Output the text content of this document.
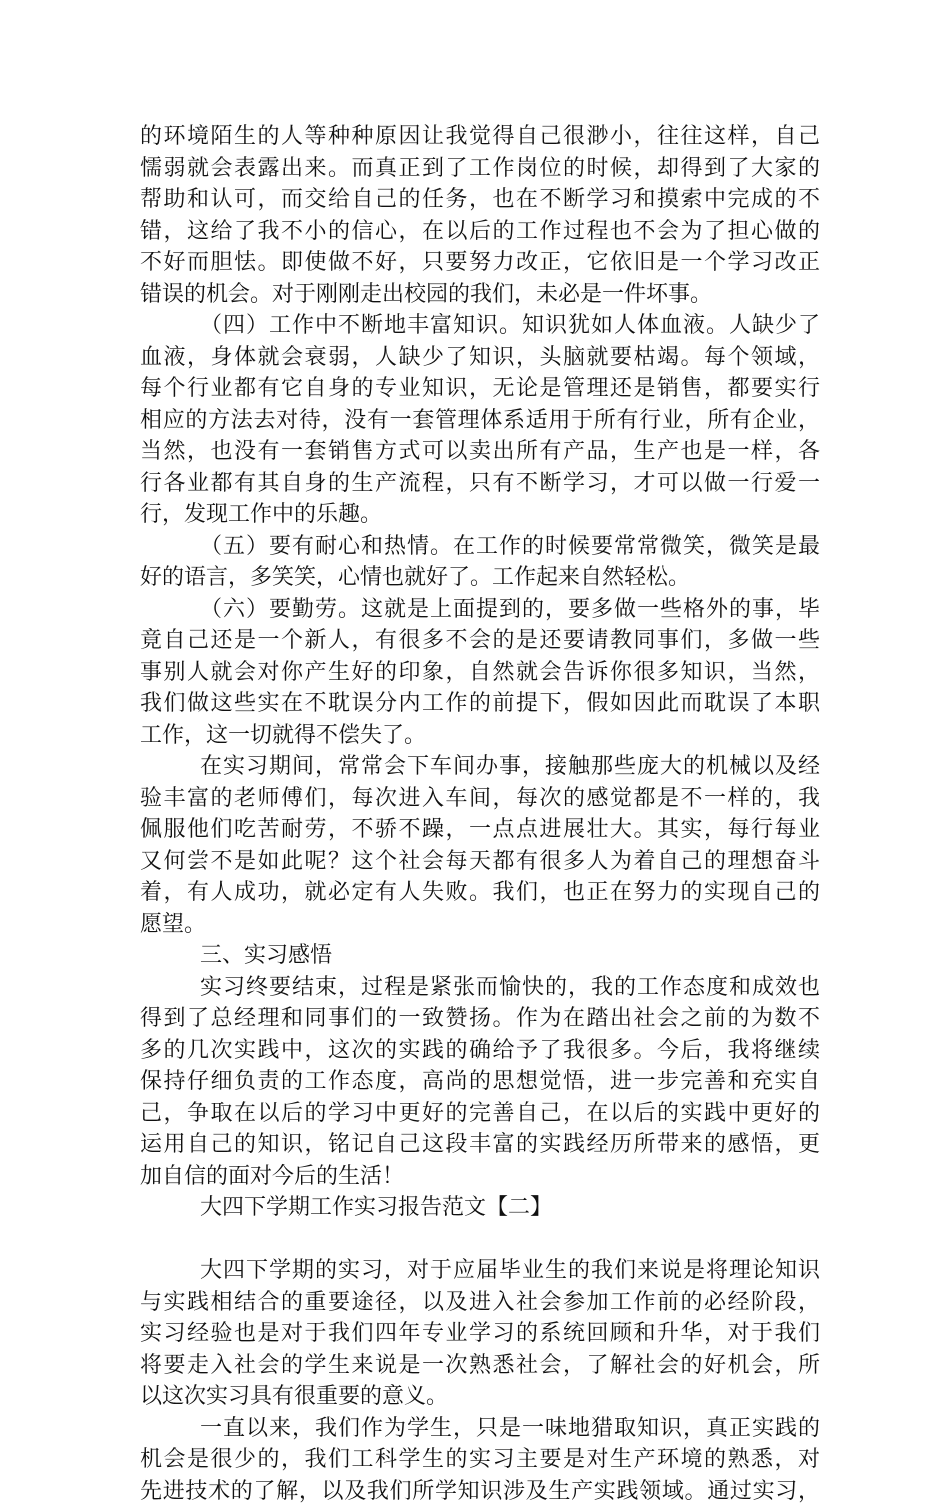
的环境陌生的人等种种原因让我觉得自己很渺小，往往这样，自己
懦弱就会表露出来。而真正到了工作岗位的时候，却得到了大家的
帮助和认可，而交给自己的任务，也在不断学习和摸索中完成的不
错，这给了我不小的信心，在以后的工作过程也不会为了担心做的
不好而胆怯。即使做不好，只要努力改正，它依旧是一个学习改正
错误的机会。对于刚刚走出校园的我们，未必是一件坏事。
（四）工作中不断地丰富知识。知识犹如人体血液。人缺少了
血液，身体就会衰弱，人缺少了知识，头脑就要枯竭。每个领域，
每个行业都有它自身的专业知识，无论是管理还是销售，都要实行
相应的方法去对待，没有一套管理体系适用于所有行业，所有企业，
当然，也没有一套销售方式可以卖出所有产品，生产也是一样，各
行各业都有其自身的生产流程，只有不断学习，才可以做一行爱一
行，发现工作中的乐趣。
（五）要有耐心和热情。在工作的时候要常常微笑，微笑是最
好的语言，多笑笑，心情也就好了。工作起来自然轻松。
（六）要勤劳。这就是上面提到的，要多做一些格外的事，毕
竟自己还是一个新人，有很多不会的是还要请教同事们，多做一些
事别人就会对你产生好的印象，自然就会告诉你很多知识，当然，
我们做这些实在不耽误分内工作的前提下，假如因此而耽误了本职
工作，这一切就得不偿失了。
在实习期间，常常会下车间办事，接触那些庞大的机械以及经
验丰富的老师傅们，每次进入车间，每次的感觉都是不一样的，我
佩服他们吃苦耐劳，不骄不躁，一点点进展壮大。其实，每行每业
又何尝不是如此呢？这个社会每天都有很多人为着自己的理想奋斗
着，有人成功，就必定有人失败。我们，也正在努力的实现自己的
愿望。
三、实习感悟
实习终要结束，过程是紧张而愉快的，我的工作态度和成效也
得到了总经理和同事们的一致赞扬。作为在踏出社会之前的为数不
多的几次实践中，这次的实践的确给予了我很多。今后，我将继续
保持仔细负责的工作态度，高尚的思想觉悟，进一步完善和充实自
己，争取在以后的学习中更好的完善自己，在以后的实践中更好的
运用自己的知识，铭记自己这段丰富的实践经历所带来的感悟，更
加自信的面对今后的生活！
大四下学期工作实习报告范文【二】
大四下学期的实习，对于应届毕业生的我们来说是将理论知识
与实践相结合的重要途径，以及进入社会参加工作前的必经阶段，
实习经验也是对于我们四年专业学习的系统回顾和升华，对于我们
将要走入社会的学生来说是一次熟悉社会，了解社会的好机会，所
以这次实习具有很重要的意义。
一直以来，我们作为学生，只是一味地猎取知识，真正实践的
机会是很少的，我们工科学生的实习主要是对生产环境的熟悉，对
先进技术的了解，以及我们所学知识涉及生产实践领域。通过实习，
